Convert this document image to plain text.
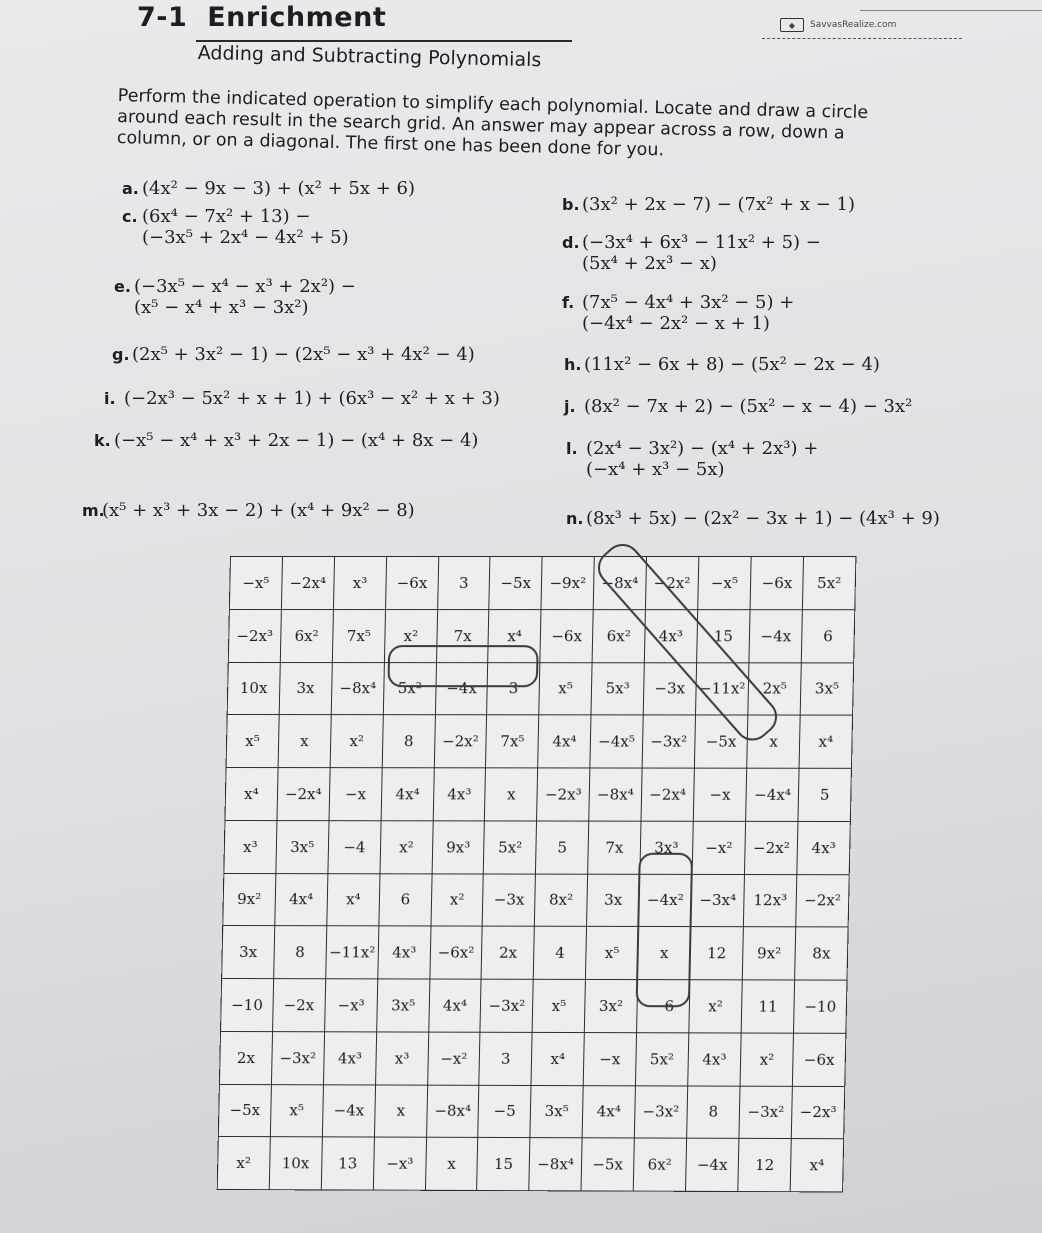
7-1 Enrichment
Adding and Subtracting Polynomials
◆	SavvasRealize.com
Perform the indicated operation to simplify each polynomial. Locate and draw a circle around each result in the search grid. An answer may appear across a row, down a column, or on a diagonal. The first one has been done for you.
a. (4x² − 9x − 3) + (x² + 5x + 6)
c. (6x⁴ − 7x² + 13) −
(−3x⁵ + 2x⁴ − 4x² + 5)
e. (−3x⁵ − x⁴ − x³ + 2x²) −
(x⁵ − x⁴ + x³ − 3x²)
g. (2x⁵ + 3x² − 1) − (2x⁵ − x³ + 4x² − 4)
i. (−2x³ − 5x² + x + 1) + (6x³ − x² + x + 3)
k. (−x⁵ − x⁴ + x³ + 2x − 1) − (x⁴ + 8x − 4)
m.(x⁵ + x³ + 3x − 2) + (x⁴ + 9x² − 8)
b. (3x² + 2x − 7) − (7x² + x − 1)
d. (−3x⁴ + 6x³ − 11x² + 5) −
(5x⁴ + 2x³ − x)
f. (7x⁵ − 4x⁴ + 3x² − 5) +
(−4x⁴ − 2x² − x + 1)
h. (11x² − 6x + 8) − (5x² − 2x − 4)
j. (8x² − 7x + 2) − (5x² − x − 4) − 3x²
l. (2x⁴ − 3x²) − (x⁴ + 2x³) +
(−x⁴ + x³ − 5x)
n. (8x³ + 5x) − (2x² − 3x + 1) − (4x³ + 9)
−x⁵	−2x⁴	x³	−6x	3	−5x	−9x²	−8x⁴	−2x²	−x⁵	−6x	5x²
−2x³	6x²	7x⁵	x²	7x	x⁴	−6x	6x²	4x³	15	−4x	6
10x	3x	−8x⁴	5x²	−4x	3	x⁵	5x³	−3x	−11x²	2x⁵	3x⁵
x⁵	x	x²	8	−2x²	7x⁵	4x⁴	−4x⁵	−3x²	−5x	x	x⁴
x⁴	−2x⁴	−x	4x⁴	4x³	x	−2x³	−8x⁴	−2x⁴	−x	−4x⁴	5
x³	3x⁵	−4	x²	9x³	5x²	5	7x	3x³	−x²	−2x²	4x³
9x²	4x⁴	x⁴	6	x²	−3x	8x²	3x	−4x²	−3x⁴	12x³	−2x²
3x	8	−11x²	4x³	−6x²	2x	4	x⁵	x	12	9x²	8x
−10	−2x	−x³	3x⁵	4x⁴	−3x²	x⁵	3x²	−6	x²	11	−10
2x	−3x²	4x³	x³	−x²	3	x⁴	−x	5x²	4x³	x²	−6x
−5x	x⁵	−4x	x	−8x⁴	−5	3x⁵	4x⁴	−3x²	8	−3x²	−2x³
x²	10x	13	−x³	x	15	−8x⁴	−5x	6x²	−4x	12	x⁴
